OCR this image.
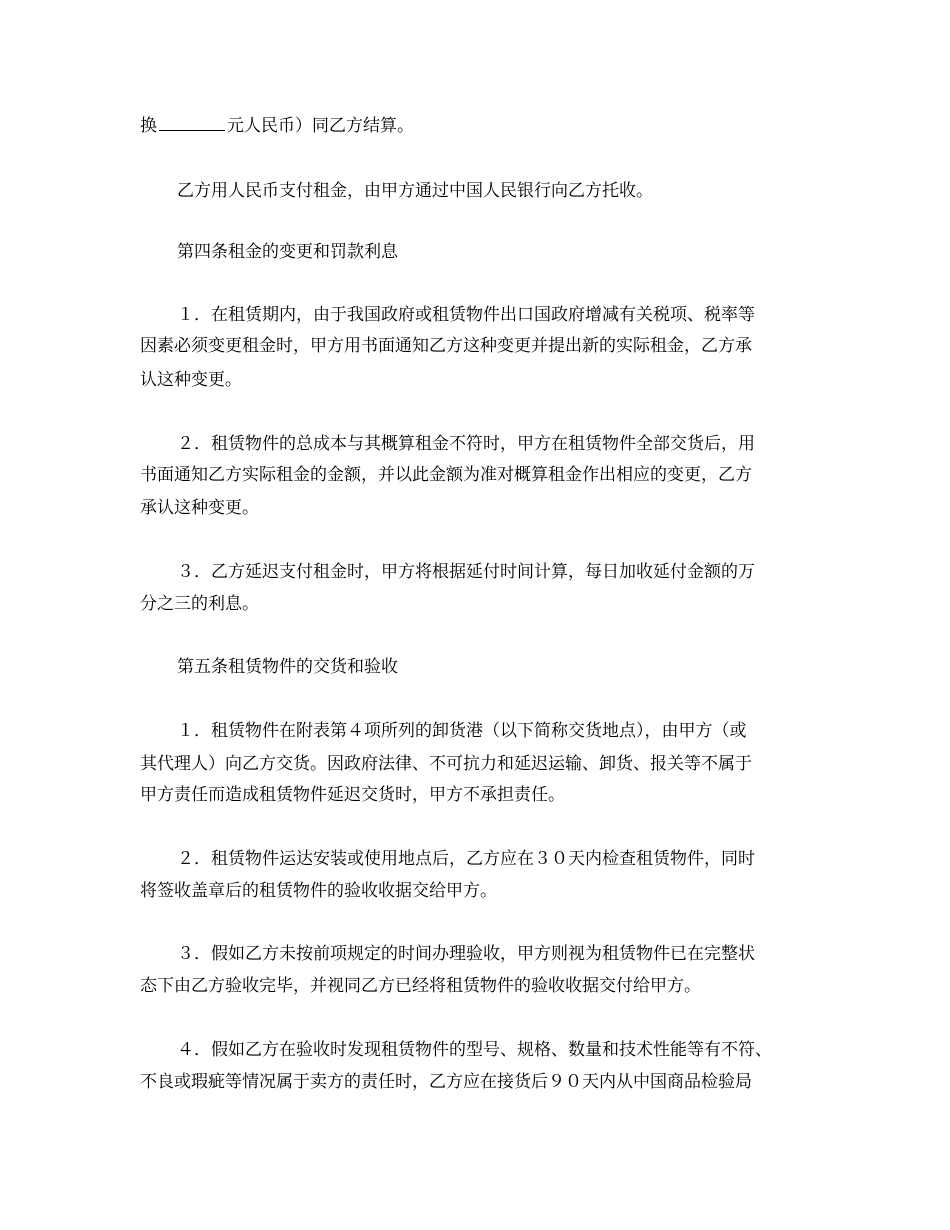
换	元人民币）同乙方结算。
乙方用人民币支付租金，由甲方通过中国人民银行向乙方托收。
第四条租金的变更和罚款利息
１．在租赁期内，由于我国政府或租赁物件出口国政府增减有关税项、税率等
因素必须变更租金时，甲方用书面通知乙方这种变更并提出新的实际租金，乙方承
认这种变更。
２．租赁物件的总成本与其概算租金不符时，甲方在租赁物件全部交货后，用
书面通知乙方实际租金的金额，并以此金额为准对概算租金作出相应的变更，乙方
承认这种变更。
３．乙方延迟支付租金时，甲方将根据延付时间计算，每日加收延付金额的万
分之三的利息。
第五条租赁物件的交货和验收
１．租赁物件在附表第４项所列的卸货港（以下简称交货地点），由甲方（或
其代理人）向乙方交货。因政府法律、不可抗力和延迟运输、卸货、报关等不属于
甲方责任而造成租赁物件延迟交货时，甲方不承担责任。
２．租赁物件运达安装或使用地点后，乙方应在３０天内检查租赁物件，同时
将签收盖章后的租赁物件的验收收据交给甲方。
３．假如乙方未按前项规定的时间办理验收，甲方则视为租赁物件已在完整状
态下由乙方验收完毕，并视同乙方已经将租赁物件的验收收据交付给甲方。
４．假如乙方在验收时发现租赁物件的型号、规格、数量和技术性能等有不符、
不良或瑕疵等情况属于卖方的责任时，乙方应在接货后９０天内从中国商品检验局
